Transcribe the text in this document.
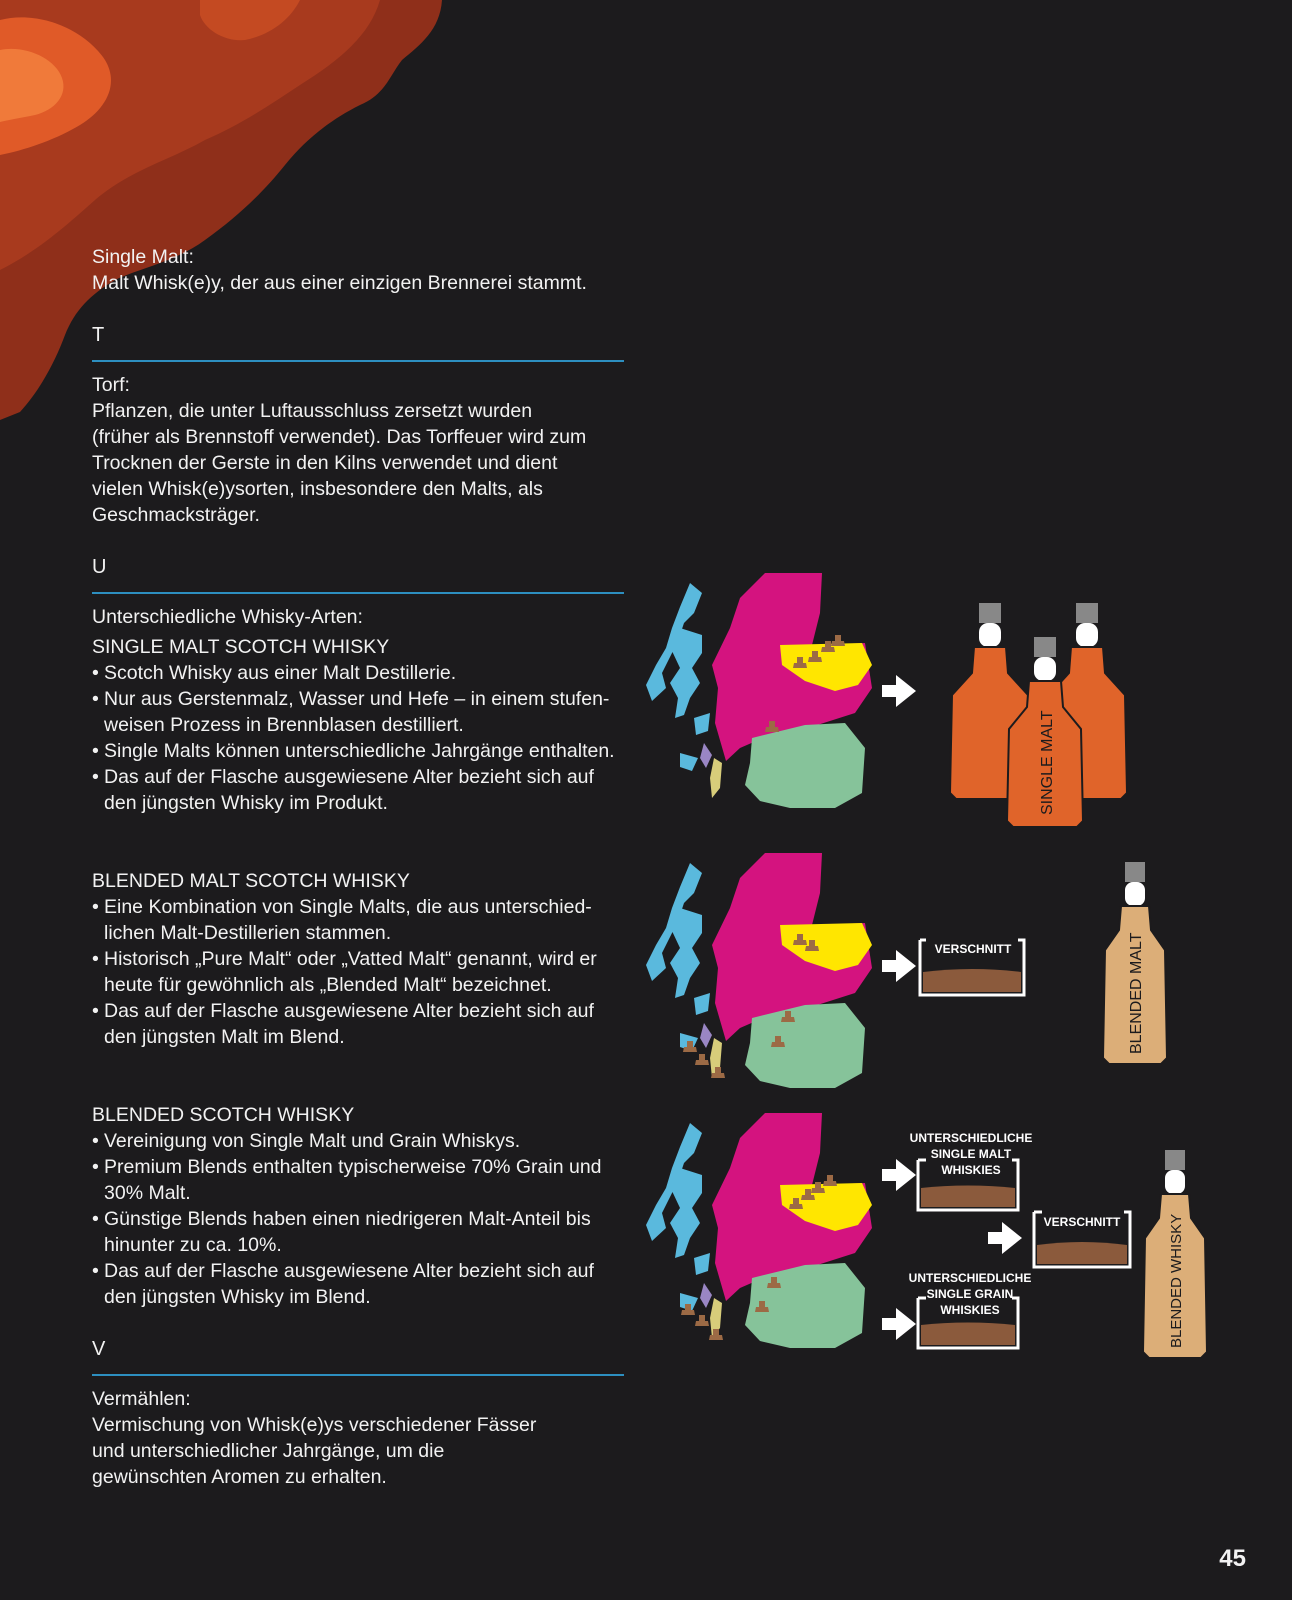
Single Malt:

Malt Whisk(e)y, der aus einer einzigen Brennerei stammt.

T

Torf:

Pflanzen, die unter Luftausschluss zersetzt wurden

(früher als Brennstoff verwendet). Das Torffeuer wird zum

Trocknen der Gerste in den Kilns verwendet und dient

vielen Whisk(e)ysorten, insbesondere den Malts, als

Geschmacksträger.

U

Unterschiedliche Whisky-Arten:

SINGLE MALT SCOTCH WHISKY

• Scotch Whisky aus einer Malt Destillerie.
• Nur aus Gerstenmalz, Wasser und Hefe – in einem stufen-
weisen Prozess in Brennblasen destilliert.
• Single Malts können unterschiedliche Jahrgänge enthalten.
• Das auf der Flasche ausgewiesene Alter bezieht sich auf
den jüngsten Whisky im Produkt.

BLENDED MALT SCOTCH WHISKY

• Eine Kombination von Single Malts, die aus unterschied-
lichen Malt-Destillerien stammen.
• Historisch „Pure Malt“ oder „Vatted Malt“ genannt, wird er
heute für gewöhnlich als „Blended Malt“ bezeichnet.
• Das auf der Flasche ausgewiesene Alter bezieht sich auf
den jüngsten Malt im Blend.

BLENDED SCOTCH WHISKY

• Vereinigung von Single Malt und Grain Whiskys.
• Premium Blends enthalten typischerweise 70% Grain und
30% Malt.
• Günstige Blends haben einen niedrigeren Malt-Anteil bis
hinunter zu ca. 10%.
• Das auf der Flasche ausgewiesene Alter bezieht sich auf
den jüngsten Whisky im Blend.

V

Vermählen:

Vermischung von Whisk(e)ys verschiedener Fässer

und unterschiedlicher Jahrgänge, um die

gewünschten Aromen zu erhalten.

SINGLE MALT
VERSCHNITT	BLENDED MALT
UNTERSCHIEDLICHE
SINGLE MALT
WHISKIES
VERSCHNITT
UNTERSCHIEDLICHE
SINGLE GRAIN
WHISKIES	BLENDED WHISKY
45
